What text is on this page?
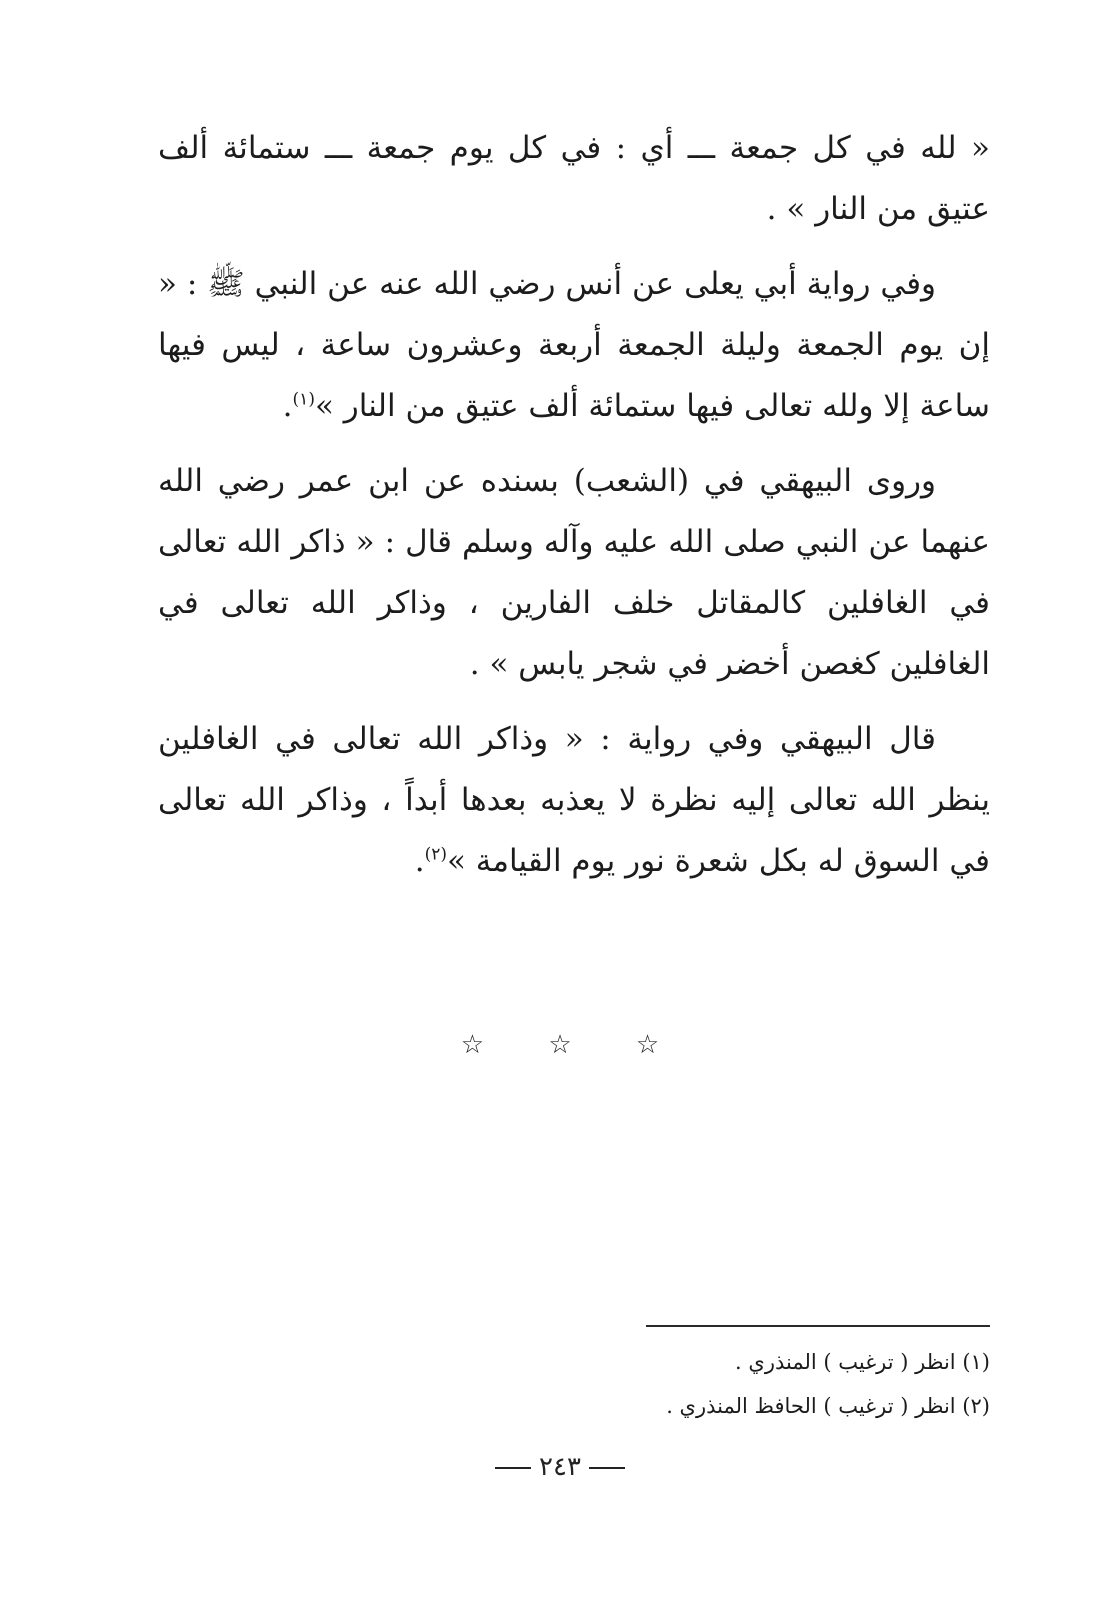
« لله في كل جمعة ـــ أي : في كل يوم جمعة ـــ ستمائة ألف عتيق من النار » .

وفي رواية أبي يعلى عن أنس رضي الله عنه عن النبي ﷺ : « إن يوم الجمعة وليلة الجمعة أربعة وعشرون ساعة ، ليس فيها ساعة إلا ولله تعالى فيها ستمائة ألف عتيق من النار »$^{(١)}$.

وروى البيهقي في (الشعب) بسنده عن ابن عمر رضي الله عنهما عن النبي صلى الله عليه وآله وسلم قال : « ذاكر الله تعالى في الغافلين كالمقاتل خلف الفارين ، وذاكر الله تعالى في الغافلين كغصن أخضر في شجر يابس » .

قال البيهقي وفي رواية : « وذاكر الله تعالى في الغافلين ينظر الله تعالى إليه نظرة لا يعذبه بعدها أبداً ، وذاكر الله تعالى في السوق له بكل شعرة نور يوم القيامة »$^{(٢)}$.

☆ ☆ ☆
(١) انظر ( ترغيب ) المنذري .
(٢) انظر ( ترغيب ) الحافظ المنذري .
٢٤٣
